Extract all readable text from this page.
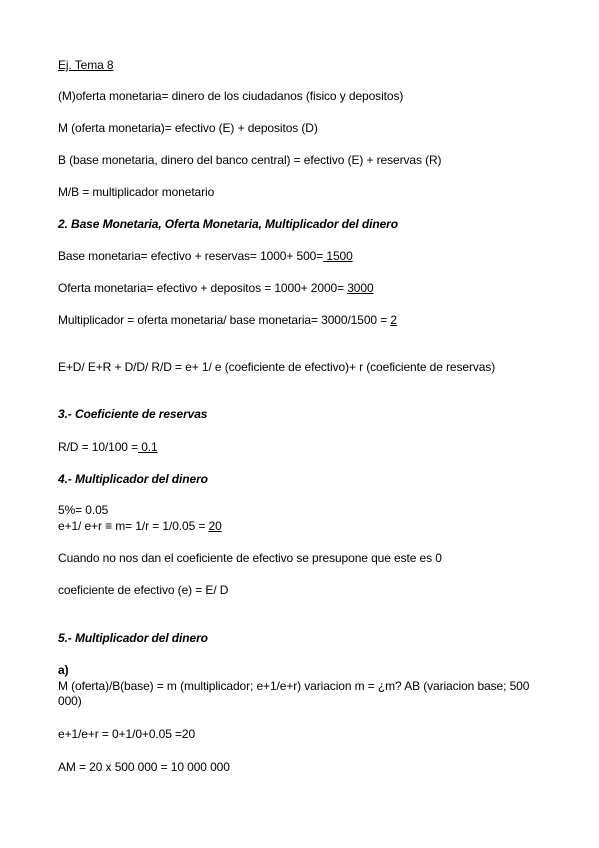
Ej. Tema 8
(M)oferta monetaria= dinero de los ciudadanos (fisico y depositos)
M (oferta monetaria)= efectivo (E) + depositos (D)
B (base monetaria, dinero del banco central) = efectivo (E) + reservas (R)
M/B = multiplicador monetario
2. Base Monetaria, Oferta Monetaria, Multiplicador del dinero
Base monetaria= efectivo + reservas= 1000+ 500= 1500
Oferta monetaria= efectivo + depositos = 1000+ 2000= 3000
Multiplicador = oferta monetaria/ base monetaria= 3000/1500 = 2
E+D/ E+R + D/D/ R/D = e+ 1/ e (coeficiente de efectivo)+ r (coeficiente de reservas)
3.- Coeficiente de reservas
R/D = 10/100 = 0.1
4.- Multiplicador del dinero
5%= 0.05
e+1/ e+r ≡ m= 1/r = 1/0.05 = 20
Cuando no nos dan el coeficiente de efectivo se presupone que este es 0
coeficiente de efectivo (e) = E/ D
5.- Multiplicador del dinero
a)
M (oferta)/B(base) = m (multiplicador; e+1/e+r) variacion m = ¿m? AB (variacion base; 500 000)
e+1/e+r = 0+1/0+0.05 =20
AM = 20 x 500 000 = 10 000 000
